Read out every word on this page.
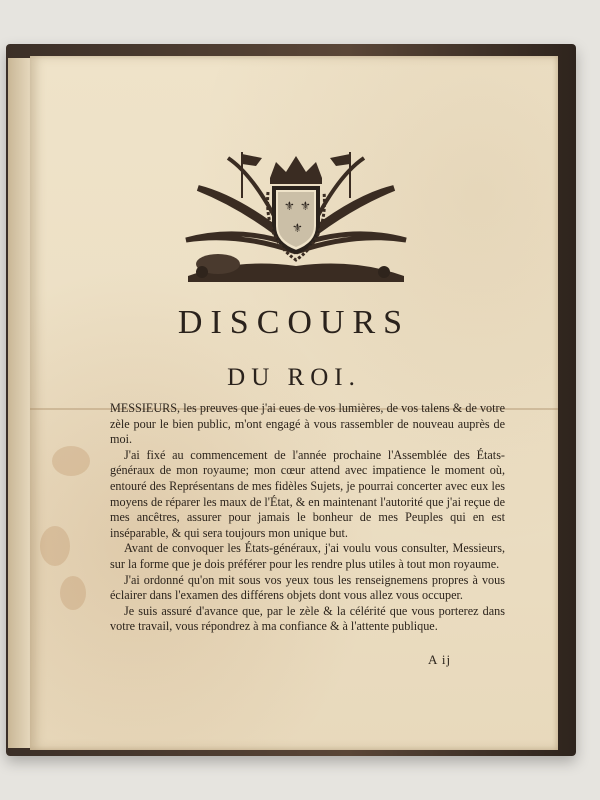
⚜ ⚜
⚜
DISCOURS
DU ROI.

MESSIEURS, les preuves que j'ai eues de vos lumières, de vos talens & de votre zèle pour le bien public, m'ont engagé à vous rassembler de nouveau auprès de moi.

J'ai fixé au commencement de l'année prochaine l'Assemblée des États-généraux de mon royaume; mon cœur attend avec impatience le moment où, entouré des Représentans de mes fidèles Sujets, je pourrai concerter avec eux les moyens de réparer les maux de l'État, & en maintenant l'autorité que j'ai reçue de mes ancêtres, assurer pour jamais le bonheur de mes Peuples qui en est inséparable, & qui sera toujours mon unique but.

Avant de convoquer les États-généraux, j'ai voulu vous consulter, Messieurs, sur la forme que je dois préférer pour les rendre plus utiles à tout mon royaume.

J'ai ordonné qu'on mit sous vos yeux tous les renseignemens propres à vous éclairer dans l'examen des différens objets dont vous allez vous occuper.

Je suis assuré d'avance que, par le zèle & la célérité que vous porterez dans votre travail, vous répondrez à ma confiance & à l'attente publique.

A ij
